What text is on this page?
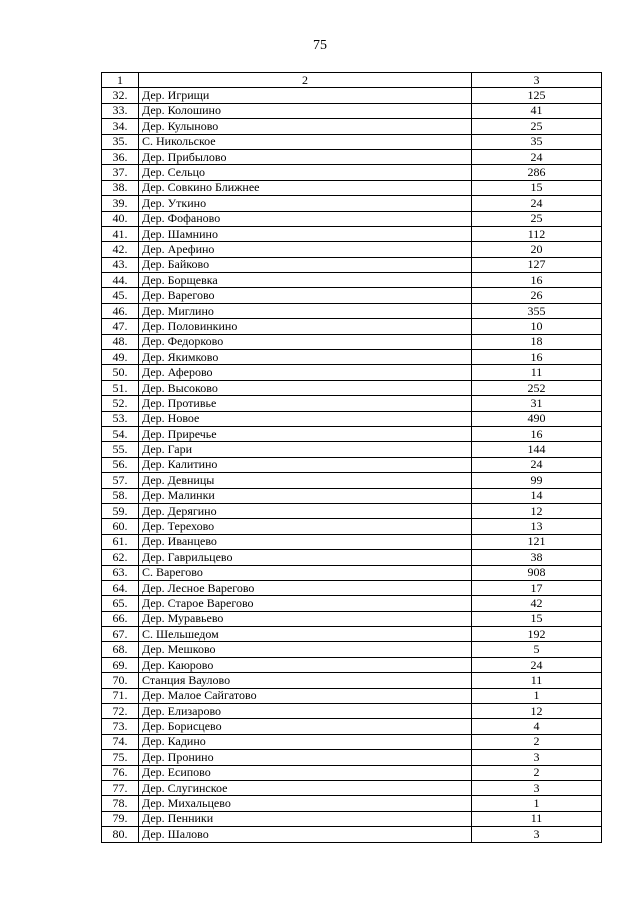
75
1	2	3
32.	Дер. Игрищи	125
33.	Дер. Колошино	41
34.	Дер. Кулыново	25
35.	С. Никольское	35
36.	Дер. Прибылово	24
37.	Дер. Сельцо	286
38.	Дер. Совкино Ближнее	15
39.	Дер. Уткино	24
40.	Дер. Фофаново	25
41.	Дер. Шамнино	112
42.	Дер. Арефино	20
43.	Дер. Байково	127
44.	Дер. Борщевка	16
45.	Дер. Варегово	26
46.	Дер. Миглино	355
47.	Дер. Половинкино	10
48.	Дер. Федорково	18
49.	Дер. Якимково	16
50.	Дер. Аферово	11
51.	Дер. Высоково	252
52.	Дер. Противье	31
53.	Дер. Новое	490
54.	Дер. Приречье	16
55.	Дер. Гари	144
56.	Дер. Калитино	24
57.	Дер. Девницы	99
58.	Дер. Малинки	14
59.	Дер. Дерягино	12
60.	Дер. Терехово	13
61.	Дер. Иванцево	121
62.	Дер. Гаврильцево	38
63.	С. Варегово	908
64.	Дер. Лесное Варегово	17
65.	Дер. Старое Варегово	42
66.	Дер. Муравьево	15
67.	С. Шельшедом	192
68.	Дер. Мешково	5
69.	Дер. Каюрово	24
70.	Станция Ваулово	11
71.	Дер. Малое Сайгатово	1
72.	Дер. Елизарово	12
73.	Дер. Борисцево	4
74.	Дер. Кадино	2
75.	Дер. Пронино	3
76.	Дер. Есипово	2
77.	Дер. Слугинское	3
78.	Дер. Михальцево	1
79.	Дер. Пенники	11
80.	Дер. Шалово	3
